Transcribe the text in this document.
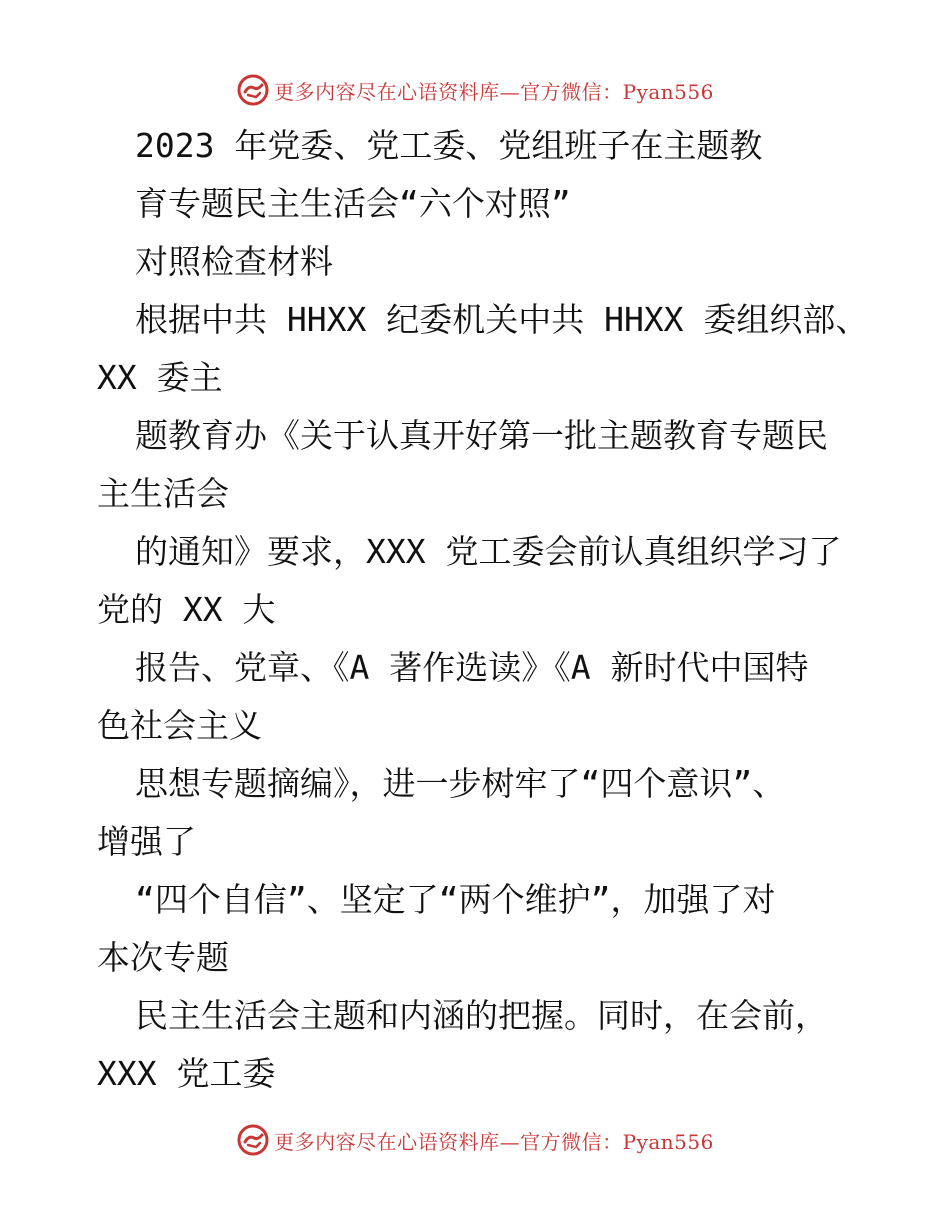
更多内容尽在心语资料库—官方微信：Pyan556
2023 年党委、党工委、党组班子在主题教
育专题民主生活会“六个对照”
对照检查材料
根据中共 HHXX 纪委机关中共 HHXX 委组织部、
XX 委主
题教育办《关于认真开好第一批主题教育专题民
主生活会
的通知》要求，XXX 党工委会前认真组织学习了
党的 XX 大
报告、党章、《A 著作选读》《A 新时代中国特
色社会主义
思想专题摘编》，进一步树牢了“四个意识”、
增强了
“四个自信”、坚定了“两个维护”，加强了对
本次专题
民主生活会主题和内涵的把握。同时，在会前，
XXX 党工委
更多内容尽在心语资料库—官方微信：Pyan556
